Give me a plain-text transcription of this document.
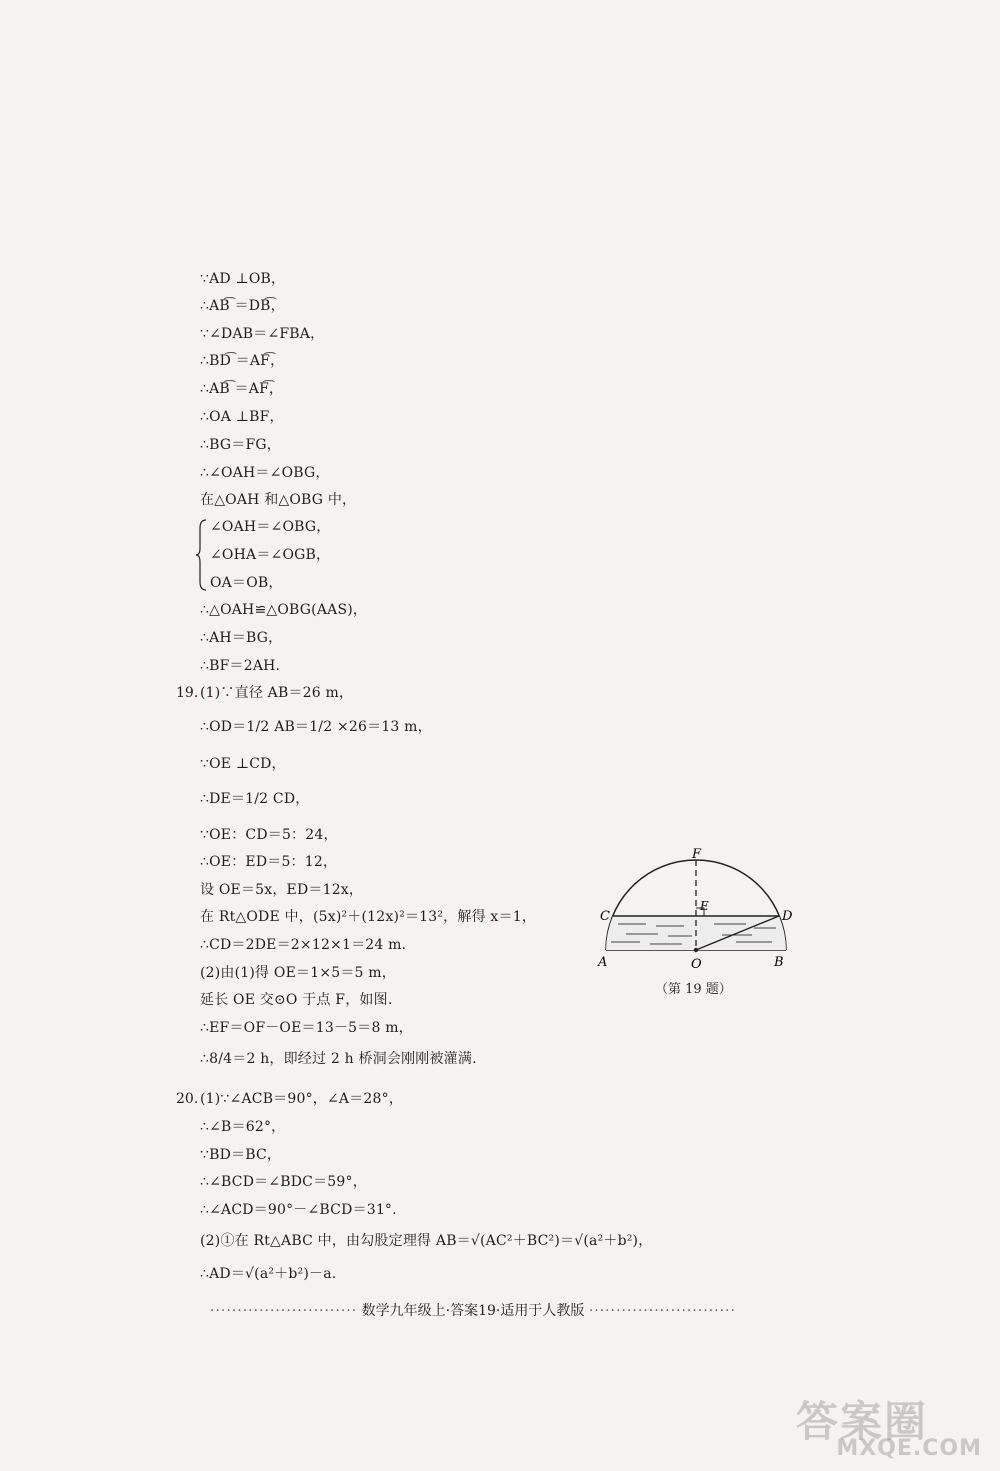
∵AD ⊥OB，
∴AB͡ ＝DB͡，
∵∠DAB＝∠FBA，
∴BD͡ ＝AF͡，
∴AB͡ ＝AF͡，
∴OA ⊥BF，
∴BG＝FG，
∴∠OAH＝∠OBG，
在△OAH 和△OBG 中，
∠OAH＝∠OBG，
∠OHA＝∠OGB，
OA＝OB，
∴△OAH≌△OBG(AAS)，
∴AH＝BG，
∴BF＝2AH.
19. (1)∵直径 AB＝26 m，
∴OD＝1/2 AB＝1/2 ×26＝13 m，
∵OE ⊥CD，
∴DE＝1/2 CD，
∵OE：CD＝5：24，
∴OE：ED＝5：12，
设 OE＝5x，ED＝12x，
在 Rt△ODE 中，(5x)²＋(12x)²＝13²，解得 x＝1，
∴CD＝2DE＝2×12×1＝24 m.
(2)由(1)得 OE＝1×5＝5 m，
延长 OE 交⊙O 于点 F，如图.
∴EF＝OF－OE＝13－5＝8 m，
∴8/4＝2 h，即经过 2 h 桥洞会刚刚被灌满.
F
E
C	D
A	O	B
（第 19 题）
20. (1)∵∠ACB＝90°，∠A＝28°，
∴∠B＝62°，
∵BD＝BC，
∴∠BCD＝∠BDC＝59°，
∴∠ACD＝90°－∠BCD＝31°.
(2)①在 Rt△ABC 中，由勾股定理得 AB＝√(AC²＋BC²)＝√(a²＋b²)，
∴AD＝√(a²＋b²)－a.
··························· 数学九年级上·答案19·适用于人教版 ···························
答案圈
MXQE.COM
